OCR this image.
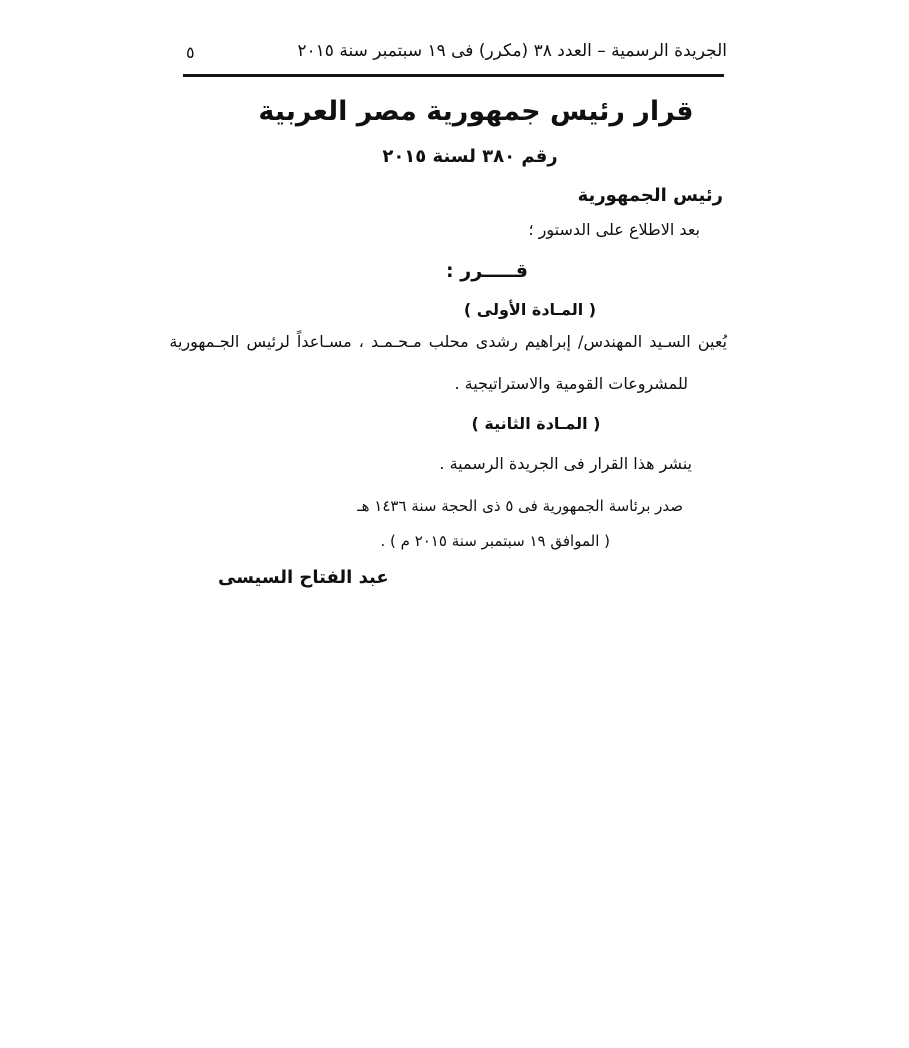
الجريدة الرسمية – العدد ٣٨ (مكرر) فى ١٩ سبتمبر سنة ٢٠١٥
٥
قرار رئيس جمهورية مصر العربية
رقم ٣٨٠ لسنة ٢٠١٥
رئيس الجمهورية
بعد الاطلاع على الدستور ؛
قـــــرر :
( المـادة الأولى )
يُعين السـيد المهندس/ إبراهيم رشدى محلب مـحـمـد ، مسـاعداً لرئيس الجـمهورية
للمشروعات القومية والاستراتيجية .
( المـادة الثانية )
ينشر هذا القرار فى الجريدة الرسمية .
صدر برئاسة الجمهورية فى ٥ ذى الحجة سنة ١٤٣٦ هـ
( الموافق ١٩ سبتمبر سنة ٢٠١٥ م ) .
عبد الفتاح السيسى
